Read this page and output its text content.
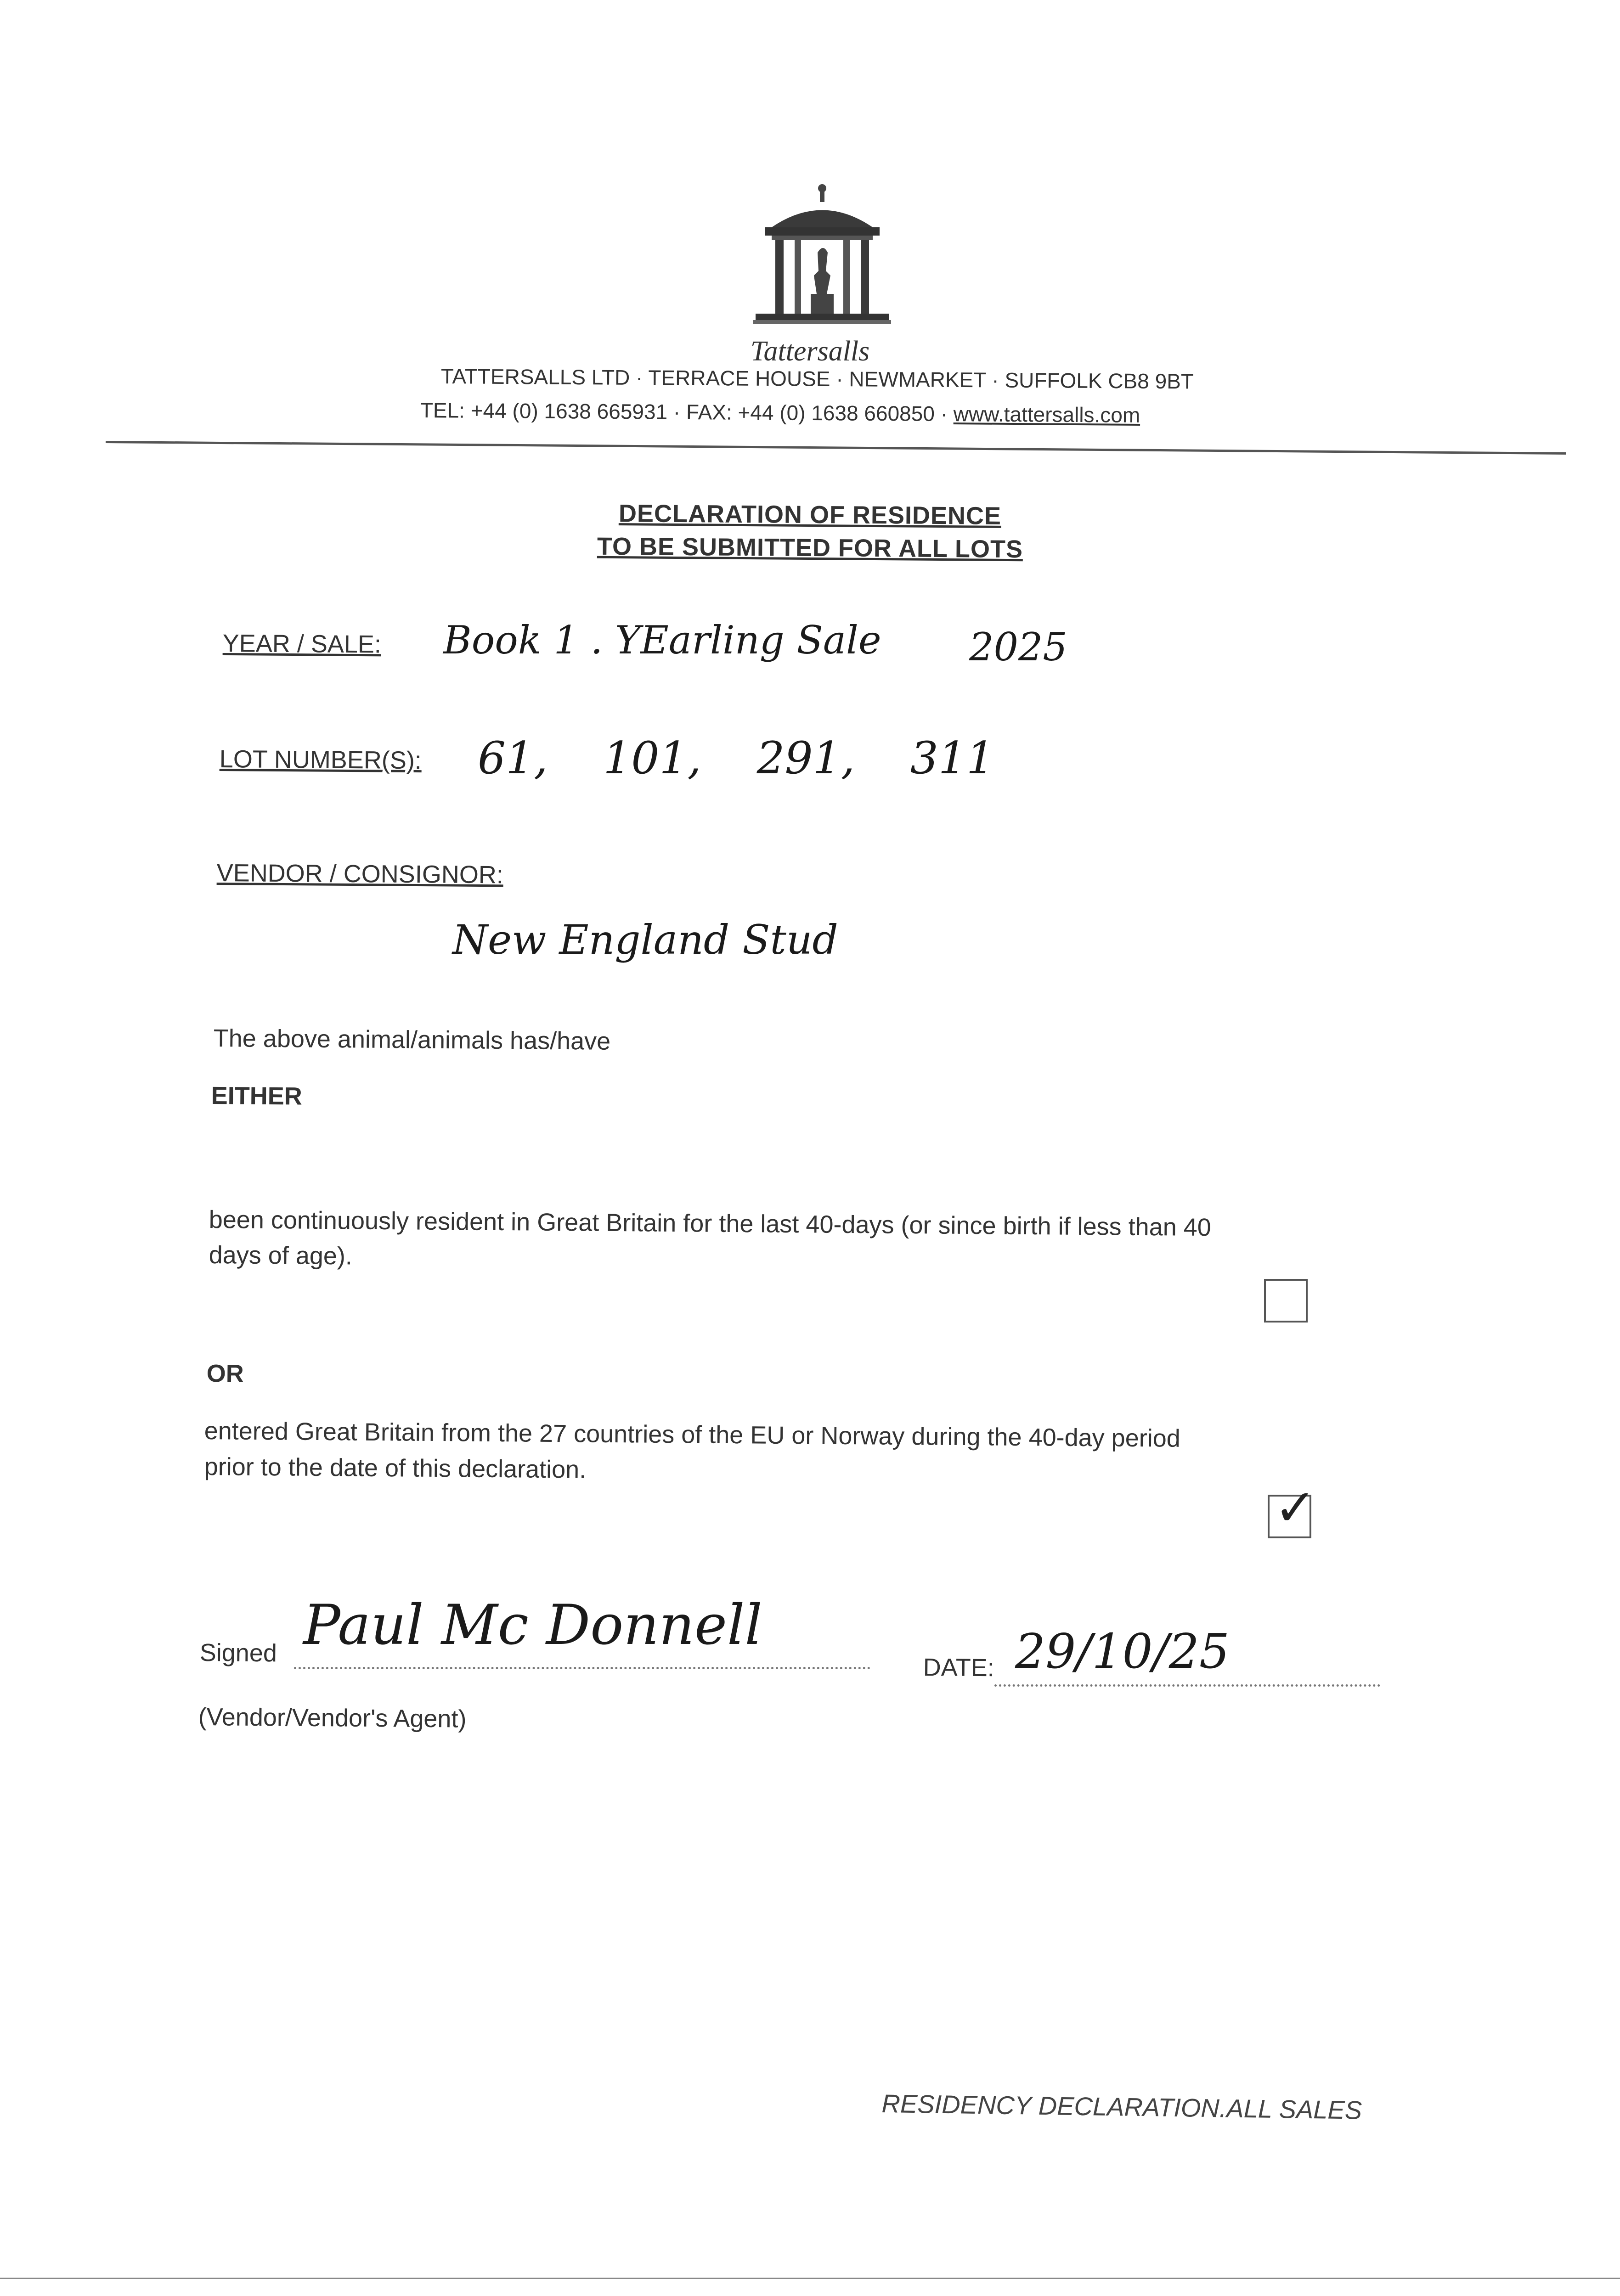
Tattersalls
TATTERSALLS LTD · TERRACE HOUSE · NEWMARKET · SUFFOLK CB8 9BT
TEL: +44 (0) 1638 665931 · FAX: +44 (0) 1638 660850 · www.tattersalls.com
DECLARATION OF RESIDENCE
TO BE SUBMITTED FOR ALL LOTS
YEAR / SALE: Book 1 . YEarling Sale 2025
LOT NUMBER(S): 61, 101, 291, 311
VENDOR / CONSIGNOR:
New England Stud
The above animal/animals has/have
EITHER
been continuously resident in Great Britain for the last 40-days (or since birth if less than 40
days of age).
OR
entered Great Britain from the 27 countries of the EU or Norway during the 40-day period
prior to the date of this declaration.
✓
Signed Paul Mc Donnell
DATE: 29/10/25
(Vendor/Vendor's Agent)
RESIDENCY DECLARATION.ALL SALES
